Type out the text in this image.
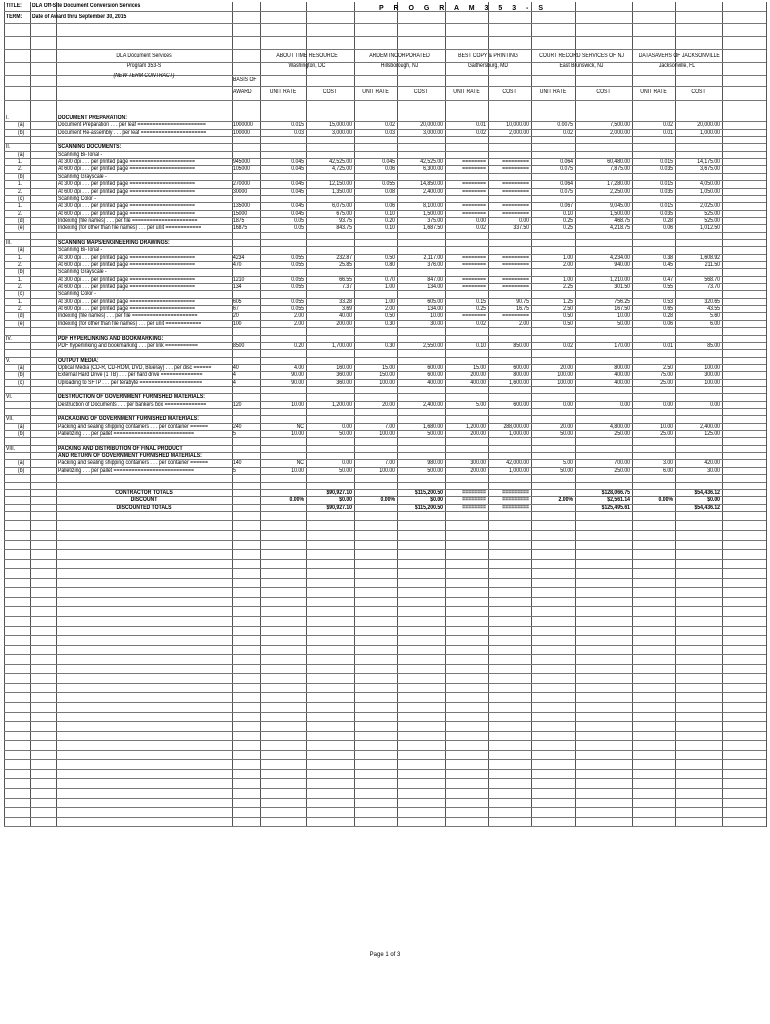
TITLE: DLA Off-Site Document Conversion Services
TERM: Date of Award thru September 30, 2015
P R O G R A M 3 5 3 - S
DLA Document Services
Program 353-S
(NEW TERM CONTRACT)
BASIS OF
AWARD
ABOUT TIME RESOURCE
Washington, DC
UNIT RATE	COST
ARDEM INCORPORATED
Hillsborough, NJ
UNIT RATE	COST
BEST COPY & PRINTING
Gaithersburg, MD
UNIT RATE	COST
COURT RECORD SERVICES OF NJ
East Brunswick, NJ
UNIT RATE	COST
DATASAVERS OF JACKSONVILLE
Jacksonville, FL
UNIT RATE	COST
I.	DOCUMENT PREPARATION:
(a)	Document Preparation . . . per leaf =======================	1000000	0.015	15,000.00	0.02	20,000.00	0.01	10,000.00	0.0075	7,500.00	0.02	20,000.00
(b)	Document Re-assembly . . . per leaf ======================	100000	0.03	3,000.00	0.03	3,000.00	0.02	2,000.00	0.02	2,000.00	0.01	1,000.00
II.	SCANNING DOCUMENTS:
(a)	Scanning Bi-Tonal -
1.	At 300 dpi . . . per printed page ======================	945000	0.045	42,525.00	0.045	42,525.00	========	=========	0.064	60,480.00	0.015	14,175.00
2.	At 600 dpi . . . per printed page ======================	105000	0.045	4,725.00	0.06	6,300.00	========	=========	0.075	7,875.00	0.035	3,675.00
(b)	Scanning Grayscale -
1.	At 300 dpi . . . per printed page ======================	270000	0.045	12,150.00	0.055	14,850.00	========	=========	0.064	17,280.00	0.015	4,050.00
2.	At 600 dpi . . . per printed page ======================	30000	0.045	1,350.00	0.08	2,400.00	========	=========	0.075	2,250.00	0.035	1,050.00
(c)	Scanning Color -
1.	At 300 dpi . . . per printed page ======================	135000	0.045	6,075.00	0.06	8,100.00	========	=========	0.067	9,045.00	0.015	2,025.00
2.	At 600 dpi . . . per printed page ======================	15000	0.045	675.00	0.10	1,500.00	========	=========	0.10	1,500.00	0.035	525.00
(d)	Indexing (file names) . . . per file ======================	1875	0.05	93.75	0.20	375.00	0.00	0.00	0.25	468.75	0.28	525.00
(e)	Indexing (for other than file names) . . . per unit ============	16875	0.05	843.75	0.10	1,687.50	0.02	337.50	0.25	4,218.75	0.06	1,012.50
III.	SCANNING MAPS/ENGINEERING DRAWINGS:
(a)	Scanning Bi-Tonal -
1.	At 300 dpi . . . per printed page ======================	4234	0.055	232.87	0.50	2,117.00	========	=========	1.00	4,234.00	0.38	1,608.92
2.	At 600 dpi . . . per printed page ======================	470	0.055	25.85	0.80	376.00	========	=========	2.00	940.00	0.45	211.50
(b)	Scanning Grayscale -
1.	At 300 dpi . . . per printed page ======================	1210	0.055	66.55	0.70	847.00	========	=========	1.00	1,210.00	0.47	568.70
2.	At 600 dpi . . . per printed page ======================	134	0.055	7.37	1.00	134.00	========	=========	2.25	301.50	0.55	73.70
(c)	Scanning Color -
1.	At 300 dpi . . . per printed page ======================	605	0.055	33.28	1.00	605.00	0.15	90.75	1.25	756.25	0.53	320.65
2.	At 600 dpi . . . per printed page ======================	67	0.055	3.69	2.00	134.00	0.25	16.75	2.50	167.50	0.65	43.55
(d)	Indexing (file names) . . . per file ======================	20	2.00	40.00	0.50	10.00	========	=========	0.50	10.00	0.28	5.60
(e)	Indexing (for other than file names) . . . per unit ============	100	2.00	200.00	0.30	30.00	0.02	2.00	0.50	50.00	0.06	6.00
IV.	PDF HYPERLINKING AND BOOKMARKING:
PDF hyperlinking and bookmarking . . . per link ===========	8500	0.20	1,700.00	0.30	2,550.00	0.10	850.00	0.02	170.00	0.01	85.00
V.	OUTPUT MEDIA:
(a)	Optical Media (CD-R, CD-ROM, DVD, Blueray) . . . per disc ======	40	4.00	160.00	15.00	600.00	15.00	600.00	20.00	800.00	2.50	100.00
(b)	External Hard Drive (1 TB) . . . per hard drive ==============	4	90.00	360.00	150.00	600.00	200.00	800.00	100.00	400.00	75.00	300.00
(c)	Uploading to SFTP . . . per terabyte =====================	4	90.00	360.00	100.00	400.00	400.00	1,600.00	100.00	400.00	25.00	100.00
VI.	DESTRUCTION OF GOVERNMENT FURNISHED MATERIALS:
Destruction of Documents . . . per bankers box ==============	120	10.00	1,200.00	20.00	2,400.00	5.00	600.00	0.00	0.00	0.00	0.00
VII.	PACKAGING OF GOVERNMENT FURNISHED MATERIALS:
(a)	Packing and sealing shipping containers . . . per container ======	240	NC	0.00	7.00	1,680.00	1,200.00	288,000.00	20.00	4,800.00	10.00	2,400.00
(b)	Palletizing . . . per pallet ===========================	5	10.00	50.00	100.00	500.00	200.00	1,000.00	50.00	250.00	25.00	125.00
VIII.	PACKING AND DISTRIBUTION OF FINAL PRODUCT
AND RETURN OF GOVERNMENT FURNISHED MATERIALS:
(a)	Packing and sealing shipping containers . . . per container ======	140	NC	0.00	7.00	980.00	300.00	42,000.00	5.00	700.00	3.00	420.00
(b)	Palletizing . . . per pallet ===========================	5	10.00	50.00	100.00	500.00	200.00	1,000.00	50.00	250.00	6.00	30.00
CONTRACTOR TOTALS	$90,927.10	$115,200.50	========	=========	$128,066.75	$54,436.12
DISCOUNT	0.00%	$0.00	0.00%	$0.00	========	=========	2.00%	$2,561.14	0.00%	$0.00
DISCOUNTED TOTALS	$90,927.10	$115,200.50	========	=========	$125,495.61	$54,436.12
Page 1 of 3
